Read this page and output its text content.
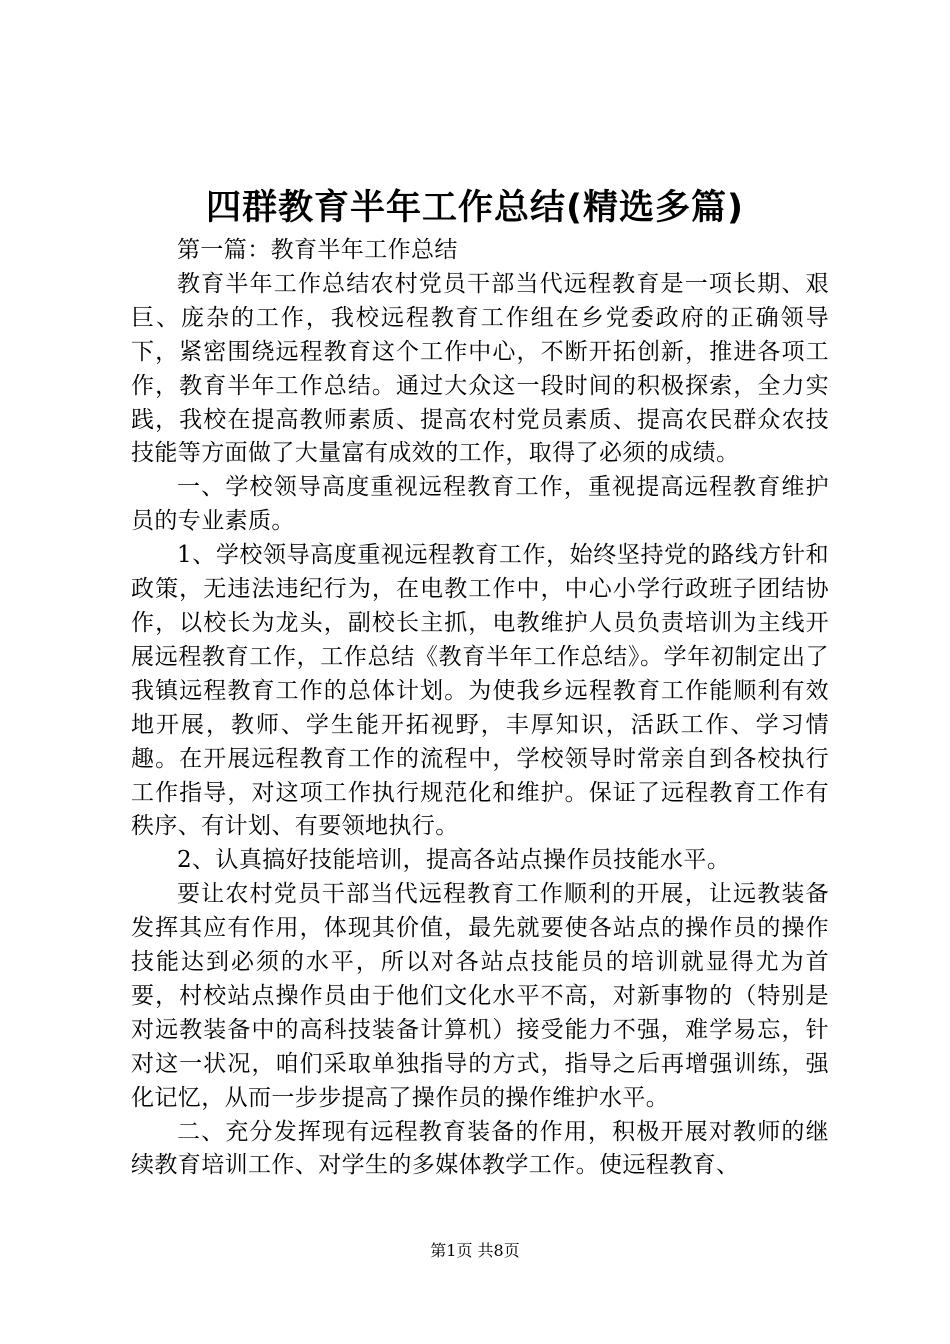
四群教育半年工作总结(精选多篇)

第一篇：教育半年工作总结

教育半年工作总结农村党员干部当代远程教育是一项长期、艰巨、庞杂的工作，我校远程教育工作组在乡党委政府的正确领导下，紧密围绕远程教育这个工作中心，不断开拓创新，推进各项工作，教育半年工作总结。通过大众这一段时间的积极探索，全力实践，我校在提高教师素质、提高农村党员素质、提高农民群众农技技能等方面做了大量富有成效的工作，取得了必须的成绩。

一、学校领导高度重视远程教育工作，重视提高远程教育维护员的专业素质。

1、学校领导高度重视远程教育工作，始终坚持党的路线方针和政策，无违法违纪行为，在电教工作中，中心小学行政班子团结协作，以校长为龙头，副校长主抓，电教维护人员负责培训为主线开展远程教育工作，工作总结《教育半年工作总结》。学年初制定出了我镇远程教育工作的总体计划。为使我乡远程教育工作能顺利有效地开展，教师、学生能开拓视野，丰厚知识，活跃工作、学习情趣。在开展远程教育工作的流程中，学校领导时常亲自到各校执行工作指导，对这项工作执行规范化和维护。保证了远程教育工作有秩序、有计划、有要领地执行。

2、认真搞好技能培训，提高各站点操作员技能水平。

要让农村党员干部当代远程教育工作顺利的开展，让远教装备发挥其应有作用，体现其价值，最先就要使各站点的操作员的操作技能达到必须的水平，所以对各站点技能员的培训就显得尤为首要，村校站点操作员由于他们文化水平不高，对新事物的（特别是对远教装备中的高科技装备计算机）接受能力不强，难学易忘，针对这一状况，咱们采取单独指导的方式，指导之后再增强训练，强化记忆，从而一步步提高了操作员的操作维护水平。

二、充分发挥现有远程教育装备的作用，积极开展对教师的继续教育培训工作、对学生的多媒体教学工作。使远程教育、

第1页 共8页
